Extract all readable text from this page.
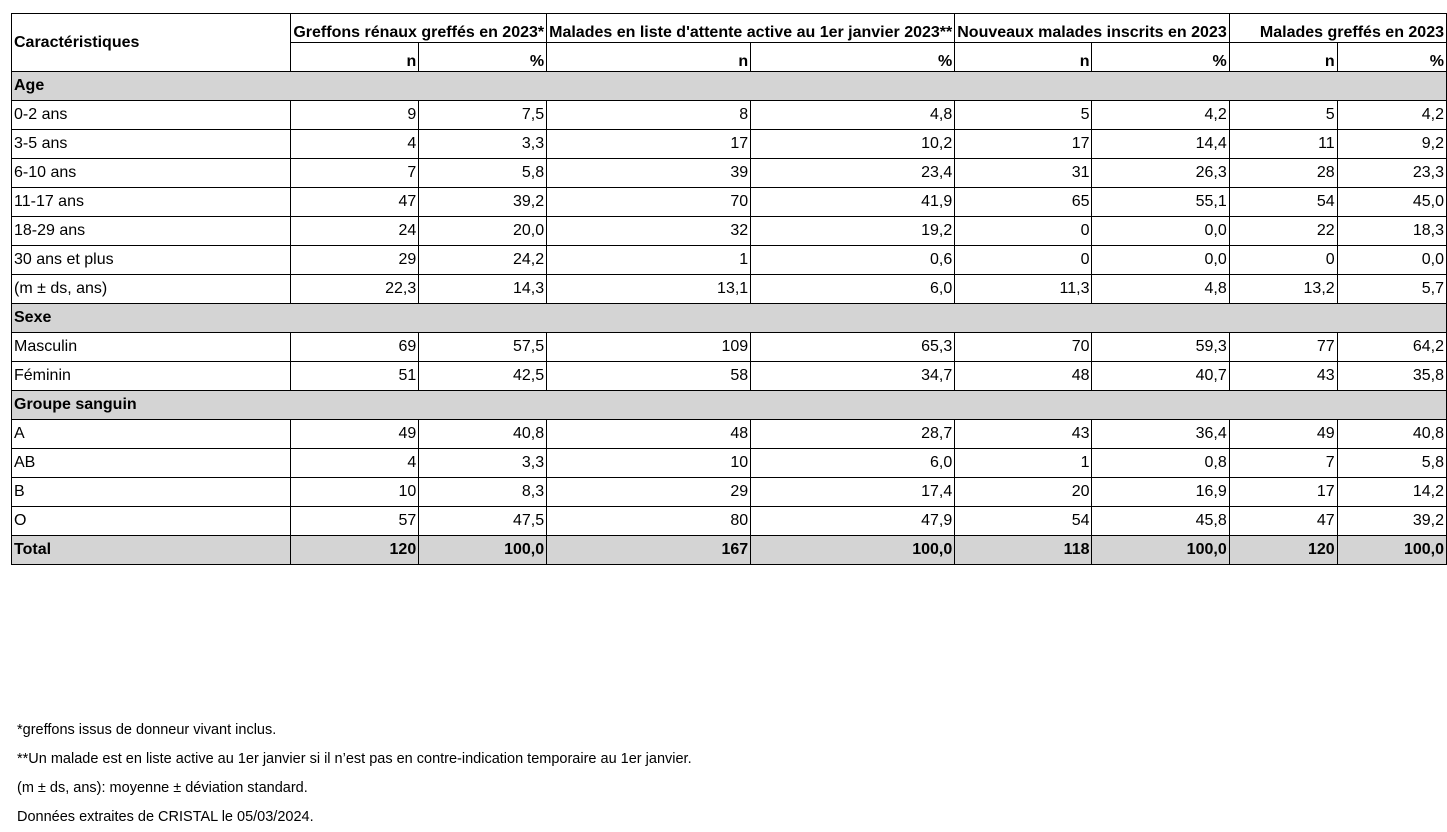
Caractéristiques	Greffons rénaux greffés en 2023*		Malades en liste d'attente active au 1er janvier 2023**		Nouveaux malades inscrits en 2023		Malades greffés en 2023	
	n	%	n	%	n	%	n	%
Age								
0-2 ans	9	7,5	8	4,8	5	4,2	5	4,2
3-5 ans	4	3,3	17	10,2	17	14,4	11	9,2
6-10 ans	7	5,8	39	23,4	31	26,3	28	23,3
11-17 ans	47	39,2	70	41,9	65	55,1	54	45,0
18-29 ans	24	20,0	32	19,2	0	0,0	22	18,3
30 ans et plus	29	24,2	1	0,6	0	0,0	0	0,0
(m ± ds, ans)	22,3	14,3	13,1	6,0	11,3	4,8	13,2	5,7
Sexe								
Masculin	69	57,5	109	65,3	70	59,3	77	64,2
Féminin	51	42,5	58	34,7	48	40,7	43	35,8
Groupe sanguin								
A	49	40,8	48	28,7	43	36,4	49	40,8
AB	4	3,3	10	6,0	1	0,8	7	5,8
B	10	8,3	29	17,4	20	16,9	17	14,2
O	57	47,5	80	47,9	54	45,8	47	39,2
Total	120	100,0	167	100,0	118	100,0	120	100,0
*greffons issus de donneur vivant inclus.
**Un malade est en liste active au 1er janvier si il n’est pas en contre-indication temporaire au 1er janvier.
(m ± ds, ans): moyenne ± déviation standard.
Données extraites de CRISTAL le 05/03/2024.
